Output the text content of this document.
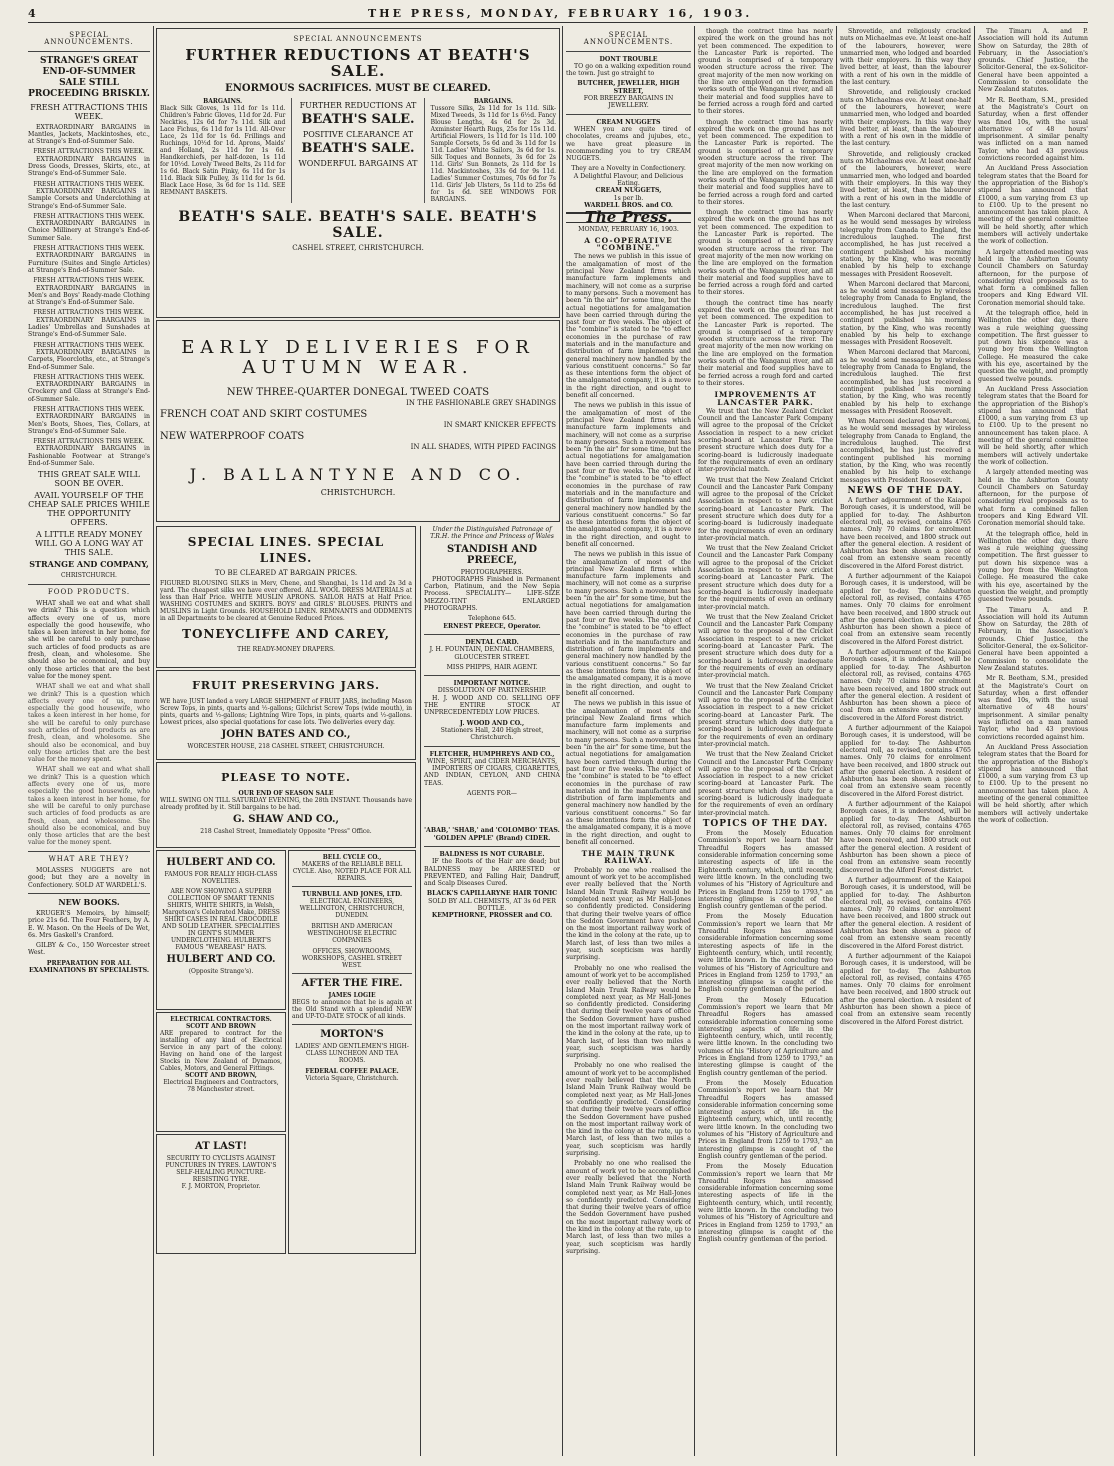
4	THE PRESS, MONDAY, FEBRUARY 16, 1903.
SPECIAL ANNOUNCEMENTS.
STRANGE'S GREAT END-OF-SUMMER SALE STILL PROCEEDING BRISKLY.
FRESH ATTRACTIONS THIS WEEK.

EXTRAORDINARY BARGAINS in Mantles, Jackets, Mackintoshes, etc., at Strange's End-of-Summer Sale.

FRESH ATTRACTIONS THIS WEEK.

EXTRAORDINARY BARGAINS in Dress Goods, Dresses, Skirts, etc., at Strange's End-of-Summer Sale.

FRESH ATTRACTIONS THIS WEEK.

EXTRAORDINARY BARGAINS in Sample Corsets and Underclothing at Strange's End-of-Summer Sale.

FRESH ATTRACTIONS THIS WEEK.

EXTRAORDINARY BARGAINS in Choice Millinery at Strange's End-of-Summer Sale.

FRESH ATTRACTIONS THIS WEEK.

EXTRAORDINARY BARGAINS in Furniture (Suites and Single Articles) at Strange's End-of-Summer Sale.

FRESH ATTRACTIONS THIS WEEK.

EXTRAORDINARY BARGAINS in Men's and Boys' Ready-made Clothing at Strange's End-of-Summer Sale.

FRESH ATTRACTIONS THIS WEEK.

EXTRAORDINARY BARGAINS in Ladies' Umbrellas and Sunshades at Strange's End-of-Summer Sale.

FRESH ATTRACTIONS THIS WEEK.

EXTRAORDINARY BARGAINS in Carpets, Floorcloths, etc., at Strange's End-of-Summer Sale.

FRESH ATTRACTIONS THIS WEEK.

EXTRAORDINARY BARGAINS in Crockery and Glass at Strange's End-of-Summer Sale.

FRESH ATTRACTIONS THIS WEEK.

EXTRAORDINARY BARGAINS in Men's Boots, Shoes, Ties, Collars, at Strange's End-of-Summer Sale.

FRESH ATTRACTIONS THIS WEEK.

EXTRAORDINARY BARGAINS in Fashionable Footwear at Strange's End-of-Summer Sale.

THIS GREAT SALE WILL SOON BE OVER.
AVAIL YOURSELF OF THE CHEAP SALE PRICES WHILE THE OPPORTUNITY OFFERS.
A LITTLE READY MONEY WILL GO A LONG WAY AT THIS SALE.
STRANGE AND COMPANY,
CHRISTCHURCH.
FOOD PRODUCTS.

WHAT shall we eat and what shall we drink? This is a question which affects every one of us, more especially the good housewife, who takes a keen interest in her home, for she will be careful to only purchase such articles of food products as are fresh, clean, and wholesome. She should also be economical, and buy only those articles that are the best value for the money spent.

WHAT shall we eat and what shall we drink? This is a question which affects every one of us, more especially the good housewife, who takes a keen interest in her home, for she will be careful to only purchase such articles of food products as are fresh, clean, and wholesome. She should also be economical, and buy only those articles that are the best value for the money spent.

WHAT shall we eat and what shall we drink? This is a question which affects every one of us, more especially the good housewife, who takes a keen interest in her home, for she will be careful to only purchase such articles of food products as are fresh, clean, and wholesome. She should also be economical, and buy only those articles that are the best value for the money spent.

WHAT ARE THEY?

MOLASSES NUGGETS are not good; but they are a novelty in Confectionery. SOLD AT WARDELL'S.

NEW BOOKS.

KRUGER'S Memoirs, by himself; price 21s 6d. The Four Feathers, by A. E. W. Mason. On the Heels of De Wet, 6s. Mrs Gaskell's Cranford.

GILBY & Co., 150 Worcester street West.

PREPARATION FOR ALL EXAMINATIONS BY SPECIALISTS.
SPECIAL ANNOUNCEMENTS
FURTHER REDUCTIONS AT BEATH'S SALE.
ENORMOUS SACRIFICES. MUST BE CLEARED.
BARGAINS.
Black Silk Gloves, 1s 11d for 1s 11d. Children's Fabric Gloves, 11d for 2d. Fur Neckties, 12s 6d for 7s 11d. Silk and Lace Fichus, 6s 11d for 1s 11d. All-Over Lace, 2s 11d for 1s 6d. Frillings and Ruchings, 10½d for 1d. Aprons, Maids' and Holland, 2s 11d for 1s 6d. Handkerchiefs, per half-dozen, 1s 11d for 10½d. Lovely Tweed Belts, 2s 11d for 1s 6d. Black Satin Pinky, 6s 11d for 1s 11d. Black Silk Pulley, 3s 11d for 1s 6d. Black Lace Hose, 3s 6d for 1s 11d. SEE REMNANT BASKETS.
FURTHER REDUCTIONS AT
BEATH'S SALE.
POSITIVE CLEARANCE AT
BEATH'S SALE.
WONDERFUL BARGAINS AT
BARGAINS.
Tussore Silks, 2s 11d for 1s 11d. Silk-Mixed Tweeds, 3s 11d for 1s 6½d. Fancy Blouse Lengths, 4s 6d for 2s 3d. Axminster Hearth Rugs, 25s for 15s 11d. Artificial Flowers, 1s 11d for 1s 11d. 100 Sample Corsets, 5s 6d and 3s 11d for 1s 11d. Ladies' White Sailors, 3s 6d for 1s. Silk Toques and Bonnets, 3s 6d for 2s 11d. Girls' Sun Bonnets, 2s 11d for 1s 11d. Mackintoshes, 33s 6d for 9s 11d. Ladies' Summer Costumes, 70s 6d for 7s 11d. Girls' Jeb Ulsters, 5s 11d to 25s 6d for 1s 6d. SEE WINDOWS FOR BARGAINS.
BEATH'S SALE. BEATH'S SALE. BEATH'S SALE.
CASHEL STREET, CHRISTCHURCH.
EARLY DELIVERIES FOR AUTUMN WEAR.
NEW THREE-QUARTER DONEGAL TWEED COATS
IN THE FASHIONABLE GREY SHADINGS
FRENCH COAT AND SKIRT COSTUMES
IN SMART KNICKER EFFECTS
NEW WATERPROOF COATS
IN ALL SHADES, WITH PIPED FACINGS
J. BALLANTYNE AND CO.
CHRISTCHURCH.
SPECIAL LINES. SPECIAL LINES.
TO BE CLEARED AT BARGAIN PRICES.
FIGURED BLOUSING SILKS in Merv, Chene, and Shanghai, 1s 11d and 2s 3d a yard. The cheapest silks we have ever offered. ALL WOOL DRESS MATERIALS at less than Half Price. WHITE MUSLIN APRONS. SAILOR HATS at Half Price. WASHING COSTUMES and SKIRTS. BOYS' and GIRLS' BLOUSES. PRINTS and MUSLINS in Light Grounds. HOUSEHOLD LINEN. REMNANTS and ODDMENTS in all Departments to be cleared at Genuine Reduced Prices.
TONEYCLIFFE AND CAREY,
THE READY-MONEY DRAPERS.
FRUIT PRESERVING JARS.
WE have JUST landed a very LARGE SHIPMENT of FRUIT JARS, including Mason Screw Tops, in pints, quarts and ½-gallons; Gilchrist Screw Tops (wide mouth), in pints, quarts and ½-gallons; Lightning Wire Tops, in pints, quarts and ½-gallons. Lowest prices, also special quotations for case lots. Two deliveries every day.
JOHN BATES AND CO.,
WORCESTER HOUSE, 218 CASHEL STREET, CHRISTCHURCH.
PLEASE TO NOTE.
OUR END OF SEASON SALE
WILL SWING ON TILL SATURDAY EVENING, the 28th INSTANT. Thousands have already profited by it. Still bargains to be had.
G. SHAW AND CO.,
218 Cashel Street, Immediately Opposite "Press" Office.
HULBERT AND CO.
FAMOUS FOR REALLY HIGH-CLASS NOVELTIES.
ARE NOW SHOWING A SUPERB COLLECTION OF SMART TENNIS SHIRTS, WHITE SHIRTS, in Welsh, Margetson's Celebrated Make, DRESS SHIRT CASES IN REAL CROCODILE AND SOLID LEATHER. SPECIALITIES IN GENT'S SUMMER UNDERCLOTHING. HULBERT'S FAMOUS "WEAREASI" HATS.
HULBERT AND CO.
(Opposite Strange's).
ELECTRICAL CONTRACTORS. SCOTT AND BROWN
ARE prepared to contract for the installing of any kind of Electrical Service in any part of the colony. Having on hand one of the largest Stocks in New Zealand of Dynamos, Cables, Motors, and General Fittings.
SCOTT AND BROWN,
Electrical Engineers and Contractors, 78 Manchester street.
AT LAST!
SECURITY TO CYCLISTS AGAINST PUNCTURES IN TYRES. LAWTON'S SELF-HEALING PUNCTURE-RESISTING TYRE.
F. J. MORTON, Proprietor.
BELL CYCLE CO.,
MAKERS of the RELIABLE BELL CYCLE. Also, NOTED PLACE FOR ALL REPAIRS.
TURNBULL AND JONES, LTD.
ELECTRICAL ENGINEERS,
WELLINGTON, CHRISTCHURCH, DUNEDIN.
BRITISH AND AMERICAN WESTINGHOUSE ELECTRIC COMPANIES
OFFICES, SHOWROOMS, WORKSHOPS, CASHEL STREET WEST.
AFTER THE FIRE.
JAMES LOGIE
BEGS to announce that he is again at the Old Stand with a splendid NEW and UP-TO-DATE STOCK of all kinds.
MORTON'S
LADIES' AND GENTLEMEN'S HIGH-CLASS LUNCHEON AND TEA ROOMS.
FEDERAL COFFEE PALACE.
Victoria Square, Christchurch.
Under the Distinguished Patronage of T.R.H. the Prince and Princess of Wales
STANDISH AND PREECE,
PHOTOGRAPHERS.

PHOTOGRAPHS Finished in Permanent Carbon, Platinum, and the New Sepia Process. SPECIALITY— LIFE-SIZE MEZZO-TINT ENLARGED PHOTOGRAPHS.

Telephone 645.
ERNEST PREECE, Operator.
DENTAL CARD.
J. H. FOUNTAIN, DENTAL CHAMBERS, GLOUCESTER STREET.
MISS PHIPPS, HAIR AGENT.
IMPORTANT NOTICE.
DISSOLUTION OF PARTNERSHIP.

H. J. WOOD AND CO. SELLING OFF THE ENTIRE STOCK AT UNPRECEDENTEDLY LOW PRICES.

J. WOOD AND CO.,
Stationers Hall, 240 High street, Christchurch.
FLETCHER, HUMPHREYS AND CO.,
WINE, SPIRIT, and CIDER MERCHANTS,

IMPORTERS OF CIGARS, CIGARETTES, AND INDIAN, CEYLON, AND CHINA TEAS.

AGENTS FOR—
'ABAB,' 'SHAB,' and 'COLOMBO' TEAS.
'GOLDEN APPLE' (Brand) CIDER.
BALDNESS IS NOT CURABLE.

IF the Roots of the Hair are dead; but BALDNESS may be ARRESTED or PREVENTED, and Falling Hair, Dandruff, and Scalp Diseases Cured.

BLACK'S CAPILLARYNE HAIR TONIC
SOLD BY ALL CHEMISTS, AT 3s 6d PER BOTTLE.
KEMPTHORNE, PROSSER and CO.
SPECIAL ANNOUNCEMENTS.
DONT TROUBLE

TO go on a walking expedition round the town. Just go straight to

BUTCHER, JEWELLER, HIGH STREET,
FOR BREEZY BARGAINS IN JEWELLERY.
CREAM NUGGETS

WHEN you are quite tired of chocolates, creams and jujubes, etc., we have great pleasure in recommending you to try CREAM NUGGETS.

They are a Novelty in Confectionery.
A Delightful Flavour, and Delicious Eating.
CREAM NUGGETS,
1s per lb.
WARDELL BROS. and CO.
The Press.
MONDAY, FEBRUARY 16, 1903.
A CO-OPERATIVE "COMBINE."

The news we publish in this issue of the amalgamation of most of the principal New Zealand firms which manufacture farm implements and machinery, will not come as a surprise to many persons. Such a movement has been "in the air" for some time, but the actual negotiations for amalgamation have been carried through during the past four or five weeks. The object of the "combine" is stated to be "to effect economies in the purchase of raw materials and in the manufacture and distribution of farm implements and general machinery now handled by the various constituent concerns." So far as these intentions form the object of the amalgamated company, it is a move in the right direction, and ought to benefit all concerned.

The news we publish in this issue of the amalgamation of most of the principal New Zealand firms which manufacture farm implements and machinery, will not come as a surprise to many persons. Such a movement has been "in the air" for some time, but the actual negotiations for amalgamation have been carried through during the past four or five weeks. The object of the "combine" is stated to be "to effect economies in the purchase of raw materials and in the manufacture and distribution of farm implements and general machinery now handled by the various constituent concerns." So far as these intentions form the object of the amalgamated company, it is a move in the right direction, and ought to benefit all concerned.

The news we publish in this issue of the amalgamation of most of the principal New Zealand firms which manufacture farm implements and machinery, will not come as a surprise to many persons. Such a movement has been "in the air" for some time, but the actual negotiations for amalgamation have been carried through during the past four or five weeks. The object of the "combine" is stated to be "to effect economies in the purchase of raw materials and in the manufacture and distribution of farm implements and general machinery now handled by the various constituent concerns." So far as these intentions form the object of the amalgamated company, it is a move in the right direction, and ought to benefit all concerned.

The news we publish in this issue of the amalgamation of most of the principal New Zealand firms which manufacture farm implements and machinery, will not come as a surprise to many persons. Such a movement has been "in the air" for some time, but the actual negotiations for amalgamation have been carried through during the past four or five weeks. The object of the "combine" is stated to be "to effect economies in the purchase of raw materials and in the manufacture and distribution of farm implements and general machinery now handled by the various constituent concerns." So far as these intentions form the object of the amalgamated company, it is a move in the right direction, and ought to benefit all concerned.

THE MAIN TRUNK RAILWAY.

Probably no one who realised the amount of work yet to be accomplished ever really believed that the North Island Main Trunk Railway would be completed next year, as Mr Hall-Jones so confidently predicted. Considering that during their twelve years of office the Seddon Government have pushed on the most important railway work of the kind in the colony at the rate, up to March last, of less than two miles a year, such scepticism was hardly surprising.

Probably no one who realised the amount of work yet to be accomplished ever really believed that the North Island Main Trunk Railway would be completed next year, as Mr Hall-Jones so confidently predicted. Considering that during their twelve years of office the Seddon Government have pushed on the most important railway work of the kind in the colony at the rate, up to March last, of less than two miles a year, such scepticism was hardly surprising.

Probably no one who realised the amount of work yet to be accomplished ever really believed that the North Island Main Trunk Railway would be completed next year, as Mr Hall-Jones so confidently predicted. Considering that during their twelve years of office the Seddon Government have pushed on the most important railway work of the kind in the colony at the rate, up to March last, of less than two miles a year, such scepticism was hardly surprising.

Probably no one who realised the amount of work yet to be accomplished ever really believed that the North Island Main Trunk Railway would be completed next year, as Mr Hall-Jones so confidently predicted. Considering that during their twelve years of office the Seddon Government have pushed on the most important railway work of the kind in the colony at the rate, up to March last, of less than two miles a year, such scepticism was hardly surprising.

though the contract time has nearly expired the work on the ground has not yet been commenced. The expedition to the Lancaster Park is reported. The ground is comprised of a temporary wooden structure across the river. The great majority of the men now working on the line are employed on the formation works south of the Wanganui river, and all their material and food supplies have to be ferried across a rough ford and carted to their stores.

though the contract time has nearly expired the work on the ground has not yet been commenced. The expedition to the Lancaster Park is reported. The ground is comprised of a temporary wooden structure across the river. The great majority of the men now working on the line are employed on the formation works south of the Wanganui river, and all their material and food supplies have to be ferried across a rough ford and carted to their stores.

though the contract time has nearly expired the work on the ground has not yet been commenced. The expedition to the Lancaster Park is reported. The ground is comprised of a temporary wooden structure across the river. The great majority of the men now working on the line are employed on the formation works south of the Wanganui river, and all their material and food supplies have to be ferried across a rough ford and carted to their stores.

though the contract time has nearly expired the work on the ground has not yet been commenced. The expedition to the Lancaster Park is reported. The ground is comprised of a temporary wooden structure across the river. The great majority of the men now working on the line are employed on the formation works south of the Wanganui river, and all their material and food supplies have to be ferried across a rough ford and carted to their stores.

IMPROVEMENTS AT LANCASTER PARK.

We trust that the New Zealand Cricket Council and the Lancaster Park Company will agree to the proposal of the Cricket Association in respect to a new cricket scoring-board at Lancaster Park. The present structure which does duty for a scoring-board is ludicrously inadequate for the requirements of even an ordinary inter-provincial match.

We trust that the New Zealand Cricket Council and the Lancaster Park Company will agree to the proposal of the Cricket Association in respect to a new cricket scoring-board at Lancaster Park. The present structure which does duty for a scoring-board is ludicrously inadequate for the requirements of even an ordinary inter-provincial match.

We trust that the New Zealand Cricket Council and the Lancaster Park Company will agree to the proposal of the Cricket Association in respect to a new cricket scoring-board at Lancaster Park. The present structure which does duty for a scoring-board is ludicrously inadequate for the requirements of even an ordinary inter-provincial match.

We trust that the New Zealand Cricket Council and the Lancaster Park Company will agree to the proposal of the Cricket Association in respect to a new cricket scoring-board at Lancaster Park. The present structure which does duty for a scoring-board is ludicrously inadequate for the requirements of even an ordinary inter-provincial match.

We trust that the New Zealand Cricket Council and the Lancaster Park Company will agree to the proposal of the Cricket Association in respect to a new cricket scoring-board at Lancaster Park. The present structure which does duty for a scoring-board is ludicrously inadequate for the requirements of even an ordinary inter-provincial match.

We trust that the New Zealand Cricket Council and the Lancaster Park Company will agree to the proposal of the Cricket Association in respect to a new cricket scoring-board at Lancaster Park. The present structure which does duty for a scoring-board is ludicrously inadequate for the requirements of even an ordinary inter-provincial match.

TOPICS OF THE DAY.

From the Mosely Education Commission's report we learn that Mr Threadful Rogers has amassed considerable information concerning some interesting aspects of life in the Eighteenth century, which, until recently, were little known. In the concluding two volumes of his "History of Agriculture and Prices in England from 1259 to 1793," an interesting glimpse is caught of the English country gentleman of the period.

From the Mosely Education Commission's report we learn that Mr Threadful Rogers has amassed considerable information concerning some interesting aspects of life in the Eighteenth century, which, until recently, were little known. In the concluding two volumes of his "History of Agriculture and Prices in England from 1259 to 1793," an interesting glimpse is caught of the English country gentleman of the period.

From the Mosely Education Commission's report we learn that Mr Threadful Rogers has amassed considerable information concerning some interesting aspects of life in the Eighteenth century, which, until recently, were little known. In the concluding two volumes of his "History of Agriculture and Prices in England from 1259 to 1793," an interesting glimpse is caught of the English country gentleman of the period.

From the Mosely Education Commission's report we learn that Mr Threadful Rogers has amassed considerable information concerning some interesting aspects of life in the Eighteenth century, which, until recently, were little known. In the concluding two volumes of his "History of Agriculture and Prices in England from 1259 to 1793," an interesting glimpse is caught of the English country gentleman of the period.

From the Mosely Education Commission's report we learn that Mr Threadful Rogers has amassed considerable information concerning some interesting aspects of life in the Eighteenth century, which, until recently, were little known. In the concluding two volumes of his "History of Agriculture and Prices in England from 1259 to 1793," an interesting glimpse is caught of the English country gentleman of the period.

Shrovetide, and religiously cracked nuts on Michaelmas eve. At least one-half of the labourers, however, were unmarried men, who lodged and boarded with their employers. In this way they lived better, at least, than the labourer with a rent of his own in the middle of the last century.

Shrovetide, and religiously cracked nuts on Michaelmas eve. At least one-half of the labourers, however, were unmarried men, who lodged and boarded with their employers. In this way they lived better, at least, than the labourer with a rent of his own in the middle of the last century.

Shrovetide, and religiously cracked nuts on Michaelmas eve. At least one-half of the labourers, however, were unmarried men, who lodged and boarded with their employers. In this way they lived better, at least, than the labourer with a rent of his own in the middle of the last century.

When Marconi declared that Marconi, as he would send messages by wireless telegraphy from Canada to England, the incredulous laughed. The first accomplished, he has just received a contingent published his morning station, by the King, who was recently enabled by his help to exchange messages with President Roosevelt.

When Marconi declared that Marconi, as he would send messages by wireless telegraphy from Canada to England, the incredulous laughed. The first accomplished, he has just received a contingent published his morning station, by the King, who was recently enabled by his help to exchange messages with President Roosevelt.

When Marconi declared that Marconi, as he would send messages by wireless telegraphy from Canada to England, the incredulous laughed. The first accomplished, he has just received a contingent published his morning station, by the King, who was recently enabled by his help to exchange messages with President Roosevelt.

When Marconi declared that Marconi, as he would send messages by wireless telegraphy from Canada to England, the incredulous laughed. The first accomplished, he has just received a contingent published his morning station, by the King, who was recently enabled by his help to exchange messages with President Roosevelt.

NEWS OF THE DAY.

A further adjournment of the Kaiapoi Borough cases, it is understood, will be applied for to-day. The Ashburton electoral roll, as revised, contains 4765 names. Only 70 claims for enrolment have been received, and 1800 struck out after the general election. A resident of Ashburton has been shown a piece of coal from an extensive seam recently discovered in the Alford Forest district.

A further adjournment of the Kaiapoi Borough cases, it is understood, will be applied for to-day. The Ashburton electoral roll, as revised, contains 4765 names. Only 70 claims for enrolment have been received, and 1800 struck out after the general election. A resident of Ashburton has been shown a piece of coal from an extensive seam recently discovered in the Alford Forest district.

A further adjournment of the Kaiapoi Borough cases, it is understood, will be applied for to-day. The Ashburton electoral roll, as revised, contains 4765 names. Only 70 claims for enrolment have been received, and 1800 struck out after the general election. A resident of Ashburton has been shown a piece of coal from an extensive seam recently discovered in the Alford Forest district.

A further adjournment of the Kaiapoi Borough cases, it is understood, will be applied for to-day. The Ashburton electoral roll, as revised, contains 4765 names. Only 70 claims for enrolment have been received, and 1800 struck out after the general election. A resident of Ashburton has been shown a piece of coal from an extensive seam recently discovered in the Alford Forest district.

A further adjournment of the Kaiapoi Borough cases, it is understood, will be applied for to-day. The Ashburton electoral roll, as revised, contains 4765 names. Only 70 claims for enrolment have been received, and 1800 struck out after the general election. A resident of Ashburton has been shown a piece of coal from an extensive seam recently discovered in the Alford Forest district.

A further adjournment of the Kaiapoi Borough cases, it is understood, will be applied for to-day. The Ashburton electoral roll, as revised, contains 4765 names. Only 70 claims for enrolment have been received, and 1800 struck out after the general election. A resident of Ashburton has been shown a piece of coal from an extensive seam recently discovered in the Alford Forest district.

A further adjournment of the Kaiapoi Borough cases, it is understood, will be applied for to-day. The Ashburton electoral roll, as revised, contains 4765 names. Only 70 claims for enrolment have been received, and 1800 struck out after the general election. A resident of Ashburton has been shown a piece of coal from an extensive seam recently discovered in the Alford Forest district.

The Timaru A. and P. Association will hold its Autumn Show on Saturday, the 28th of February, in the Association's grounds. Chief Justice, the Solicitor-General, the ex-Solicitor-General have been appointed a Commission to consolidate the New Zealand statutes.

Mr R. Beetham, S.M., presided at the Magistrate's Court on Saturday, when a first offender was fined 10s, with the usual alternative of 48 hours' imprisonment. A similar penalty was inflicted on a man named Taylor, who had 43 previous convictions recorded against him.

An Auckland Press Association telegram states that the Board for the appropriation of the Bishop's stipend has announced that £1000, a sum varying from £3 up to £100. Up to the present no announcement has taken place. A meeting of the general committee will be held shortly, after which members will actively undertake the work of collection.

A largely attended meeting was held in the Ashburton County Council Chambers on Saturday afternoon, for the purpose of considering rival proposals as to what form a combined fallen troopers and King Edward VII. Coronation memorial should take.

At the telegraph office, held in Wellington the other day, there was a rule weighing guessing competition. The first guesser to put down his sixpence was a young boy from the Wellington College. He measured the cake with his eye, ascertained by the question the weight, and promptly guessed twelve pounds.

An Auckland Press Association telegram states that the Board for the appropriation of the Bishop's stipend has announced that £1000, a sum varying from £3 up to £100. Up to the present no announcement has taken place. A meeting of the general committee will be held shortly, after which members will actively undertake the work of collection.

A largely attended meeting was held in the Ashburton County Council Chambers on Saturday afternoon, for the purpose of considering rival proposals as to what form a combined fallen troopers and King Edward VII. Coronation memorial should take.

At the telegraph office, held in Wellington the other day, there was a rule weighing guessing competition. The first guesser to put down his sixpence was a young boy from the Wellington College. He measured the cake with his eye, ascertained by the question the weight, and promptly guessed twelve pounds.

The Timaru A. and P. Association will hold its Autumn Show on Saturday, the 28th of February, in the Association's grounds. Chief Justice, the Solicitor-General, the ex-Solicitor-General have been appointed a Commission to consolidate the New Zealand statutes.

Mr R. Beetham, S.M., presided at the Magistrate's Court on Saturday, when a first offender was fined 10s, with the usual alternative of 48 hours' imprisonment. A similar penalty was inflicted on a man named Taylor, who had 43 previous convictions recorded against him.

An Auckland Press Association telegram states that the Board for the appropriation of the Bishop's stipend has announced that £1000, a sum varying from £3 up to £100. Up to the present no announcement has taken place. A meeting of the general committee will be held shortly, after which members will actively undertake the work of collection.
